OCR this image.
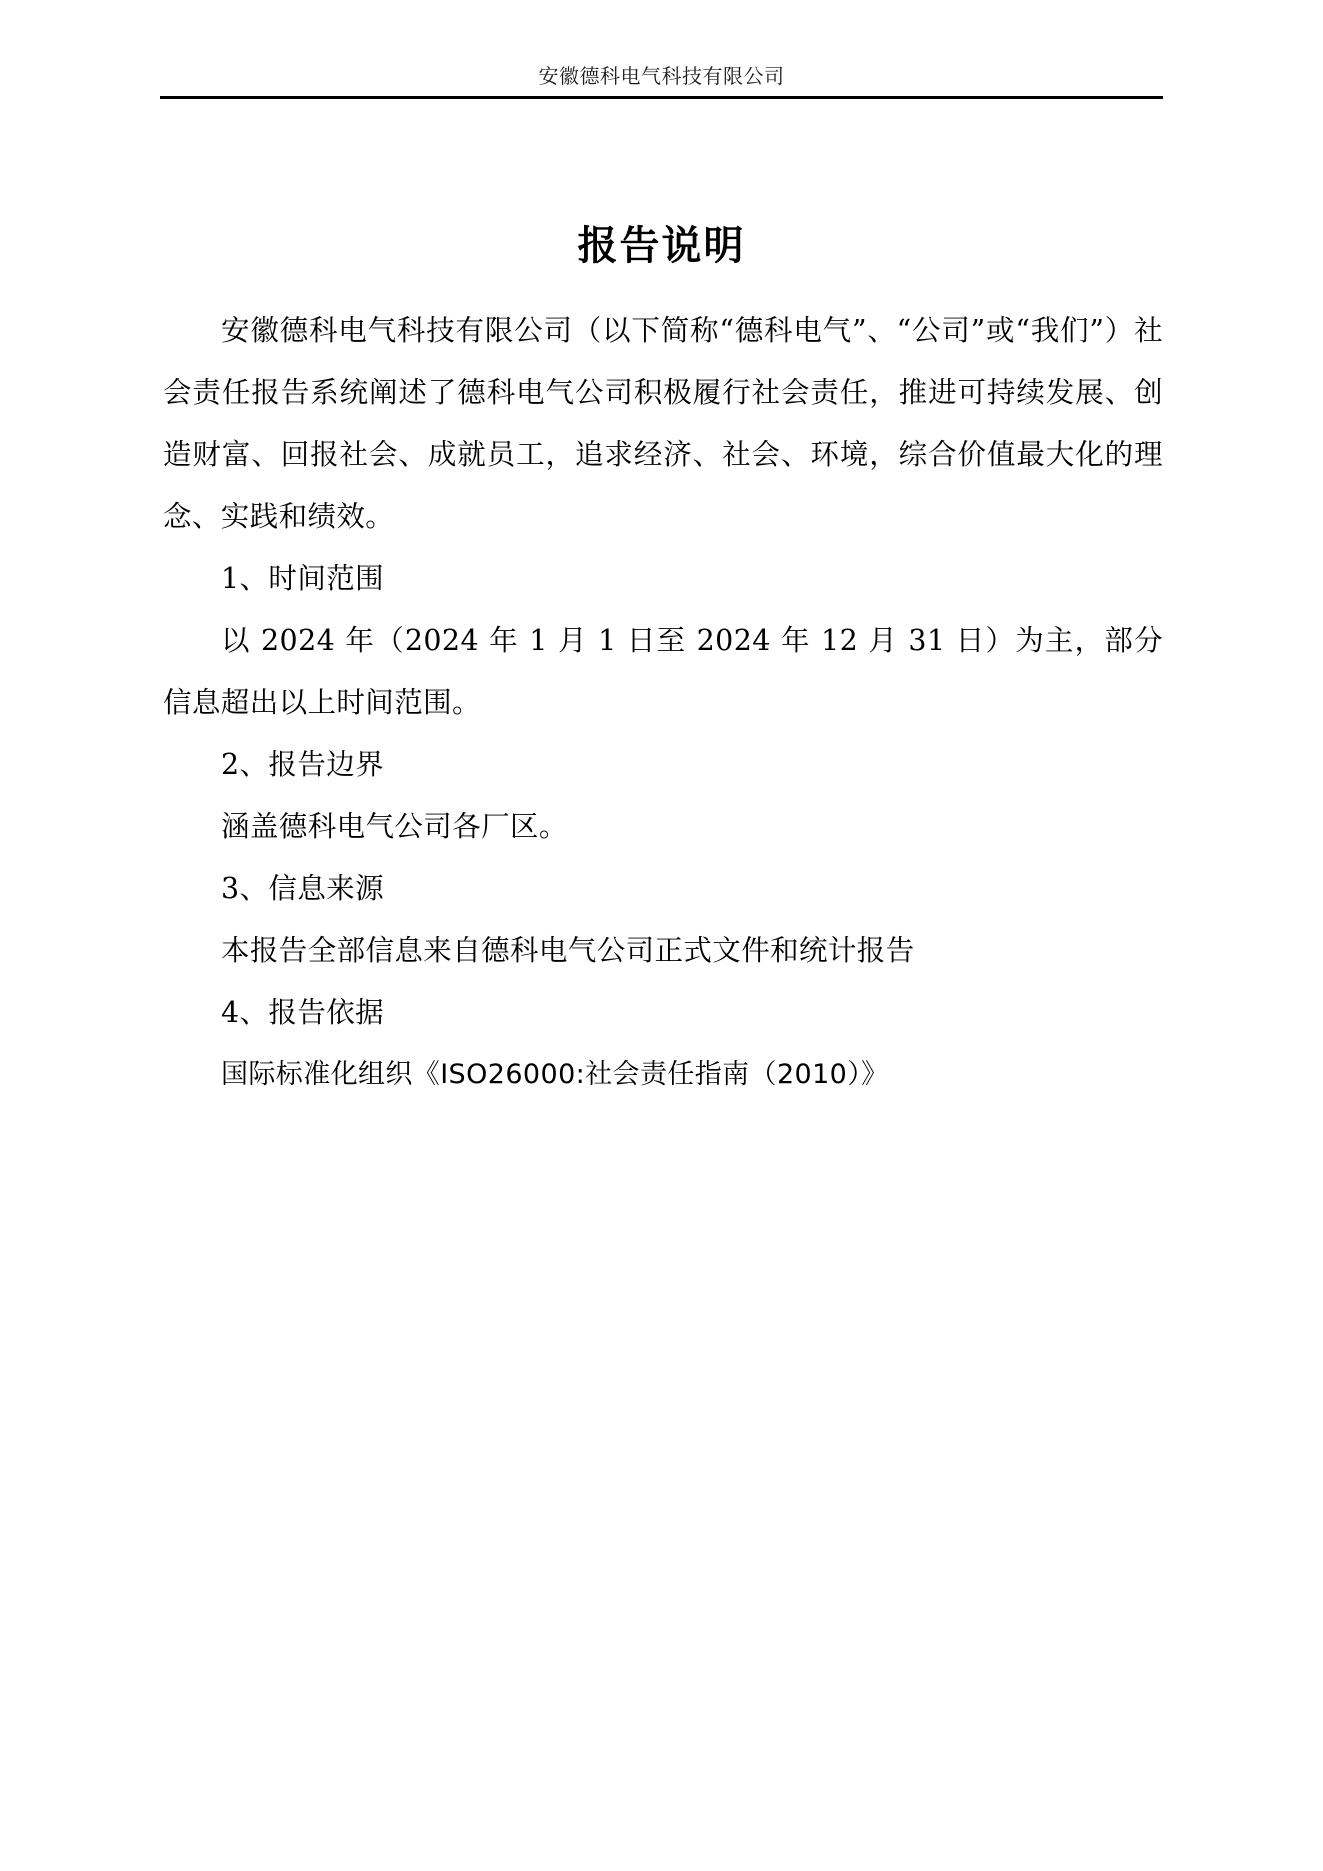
安徽德科电气科技有限公司
报告说明

安徽德科电气科技有限公司（以下简称“德科电气”、“公司”或“我们”）社会责任报告系统阐述了德科电气公司积极履行社会责任，推进可持续发展、创造财富、回报社会、成就员工，追求经济、社会、环境，综合价值最大化的理念、实践和绩效。

1、时间范围

以 2024 年（2024 年 1 月 1 日至 2024 年 12 月 31 日）为主，部分信息超出以上时间范围。

2、报告边界

涵盖德科电气公司各厂区。

3、信息来源

本报告全部信息来自德科电气公司正式文件和统计报告

4、报告依据

国际标准化组织《ISO26000:社会责任指南（2010）》
